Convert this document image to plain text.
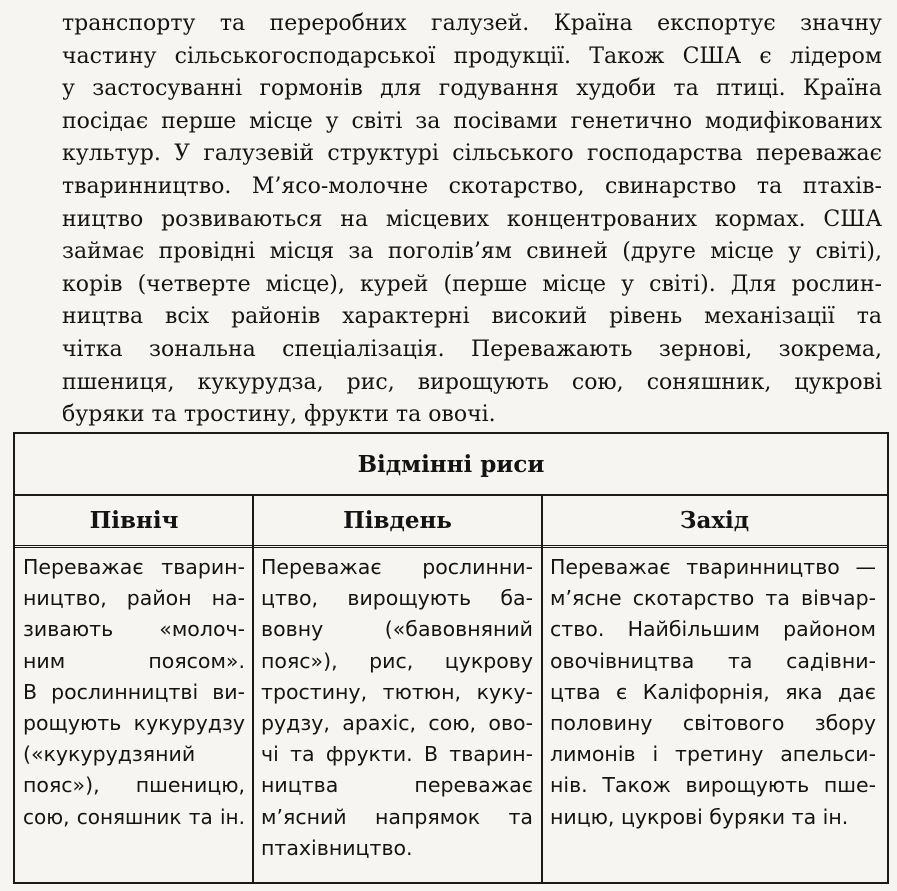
транспорту та переробних галузей. Країна експортує значну
частину сільськогосподарської продукції. Також США є лідером
у застосуванні гормонів для годування худоби та птиці. Країна
посідає перше місце у світі за посівами генетично модифікованих
культур. У галузевій структурі сільського господарства переважає
тваринництво. М’ясо-молочне скотарство, свинарство та птахів-
ництво розвиваються на місцевих концентрованих кормах. США
займає провідні місця за поголів’ям свиней (друге місце у світі),
корів (четверте місце), курей (перше місце у світі). Для рослин-
ництва всіх районів характерні високий рівень механізації та
чітка зональна спеціалізація. Переважають зернові, зокрема,
пшениця, кукурудза, рис, вирощують сою, соняшник, цукрові
буряки та тростину, фрукти та овочі.
Відмінні риси
Північ	Південь	Захід
Переважає тварин-
ництво, район на-
зивають «молоч-
ним поясом».
В рослинництві ви-
рощують кукурудзу
(«кукурудзяний
пояс»), пшеницю,
сою, соняшник та ін.
Переважає рослинни-
цтво, вирощують ба-
вовну («бавовняний
пояс»), рис, цукрову
тростину, тютюн, куку-
рудзу, арахіс, сою, ово-
чі та фрукти. В тварин-
ництва переважає
м’ясний напрямок та
птахівництво.
Переважає тваринництво —
м’ясне скотарство та вівчар-
ство. Найбільшим районом
овочівництва та садівни-
цтва є Каліфорнія, яка дає
половину світового збору
лимонів і третину апельси-
нів. Також вирощують пше-
ницю, цукрові буряки та ін.
